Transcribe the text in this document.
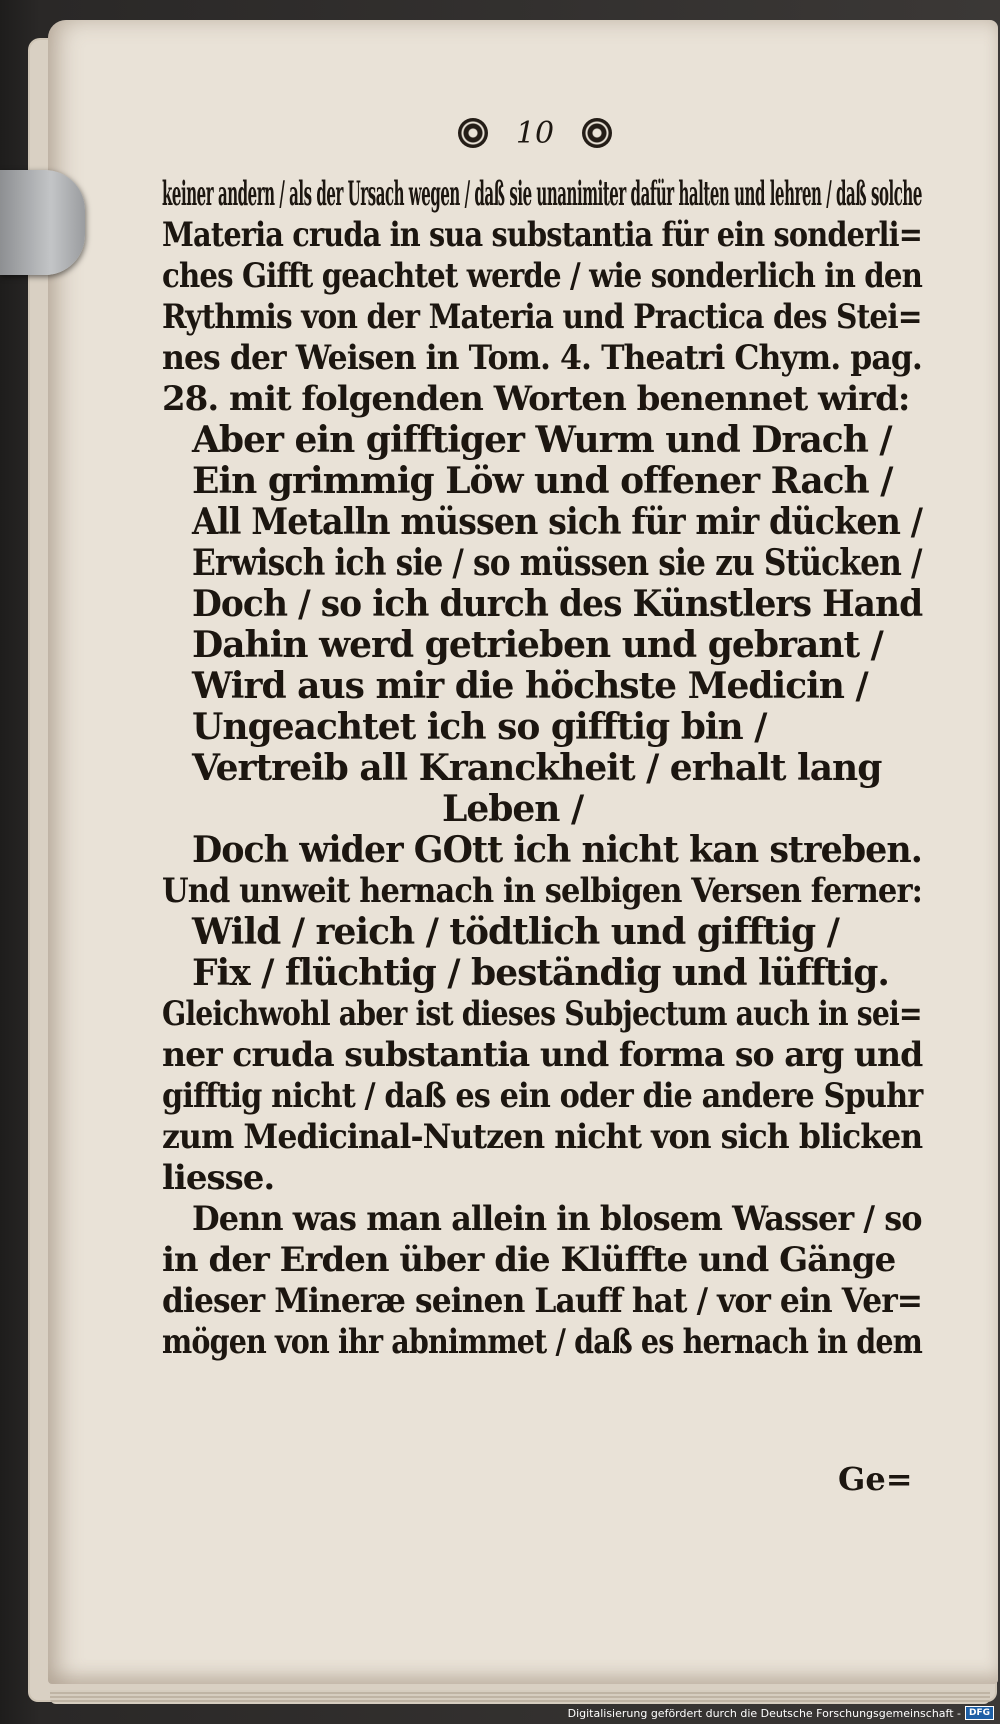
10
keiner andern / als der Ursach wegen / daß sie unanimiter dafür halten und lehren / daß solche
Materia cruda in sua substantia für ein sonderli=
ches Gifft geachtet werde / wie sonderlich in den
Rythmis von der Materia und Practica des Stei=
nes der Weisen in Tom. 4. Theatri Chym. pag.
28. mit folgenden Worten benennet wird:
Aber ein gifftiger Wurm und Drach /
Ein grimmig Löw und offener Rach /
All Metalln müssen sich für mir dücken /
Erwisch ich sie / so müssen sie zu Stücken /
Doch / so ich durch des Künstlers Hand
Dahin werd getrieben und gebrant /
Wird aus mir die höchste Medicin /
Ungeachtet ich so gifftig bin /
Vertreib all Kranckheit / erhalt lang
Leben /
Doch wider GOtt ich nicht kan streben.
Und unweit hernach in selbigen Versen ferner:
Wild / reich / tödtlich und gifftig /
Fix / flüchtig / beständig und lüfftig.
Gleichwohl aber ist dieses Subjectum auch in sei=
ner cruda substantia und forma so arg und
gifftig nicht / daß es ein oder die andere Spuhr
zum Medicinal-Nutzen nicht von sich blicken
liesse.
Denn was man allein in blosem Wasser / so
in der Erden über die Klüffte und Gänge
dieser Mineræ seinen Lauff hat / vor ein Ver=
mögen von ihr abnimmet / daß es hernach in dem
Ge=
Digitalisierung gefördert durch die Deutsche Forschungsgemeinschaft - DFG
